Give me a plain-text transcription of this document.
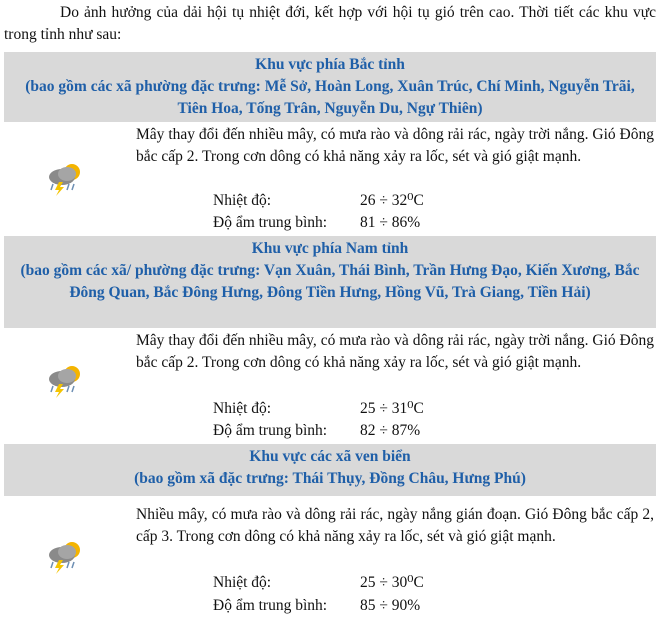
Do ảnh hưởng của dải hội tụ nhiệt đới, kết hợp với hội tụ gió trên cao. Thời tiết các khu vực trong tỉnh như sau:
Khu vực phía Bắc tỉnh
(bao gồm các xã phường đặc trưng: Mễ Sở, Hoàn Long, Xuân Trúc, Chí Minh, Nguyễn Trãi, Tiên Hoa, Tống Trân, Nguyễn Du, Ngự Thiên)
Mây thay đổi đến nhiều mây, có mưa rào và dông rải rác, ngày trời nắng. Gió Đông bắc cấp 2. Trong cơn dông có khả năng xảy ra lốc, sét và gió giật mạnh.
Nhiệt độ:	26 ÷ 32⁰C
Độ ẩm trung bình: 81 ÷ 86%
Khu vực phía Nam tỉnh
(bao gồm các xã/ phường đặc trưng: Vạn Xuân, Thái Bình, Trần Hưng Đạo, Kiến Xương, Bắc Đông Quan, Bắc Đông Hưng, Đông Tiền Hưng, Hồng Vũ, Trà Giang, Tiền Hải)
Mây thay đổi đến nhiều mây, có mưa rào và dông rải rác, ngày trời nắng. Gió Đông bắc cấp 2. Trong cơn dông có khả năng xảy ra lốc, sét và gió giật mạnh.
Nhiệt độ:	25 ÷ 31⁰C
Độ ẩm trung bình: 82 ÷ 87%
Khu vực các xã ven biển
(bao gồm xã đặc trưng: Thái Thụy, Đồng Châu, Hưng Phú)
Nhiều mây, có mưa rào và dông rải rác, ngày nắng gián đoạn. Gió Đông bắc cấp 2, cấp 3. Trong cơn dông có khả năng xảy ra lốc, sét và gió giật mạnh.
Nhiệt độ:	25 ÷ 30⁰C
Độ ẩm trung bình: 85 ÷ 90%
